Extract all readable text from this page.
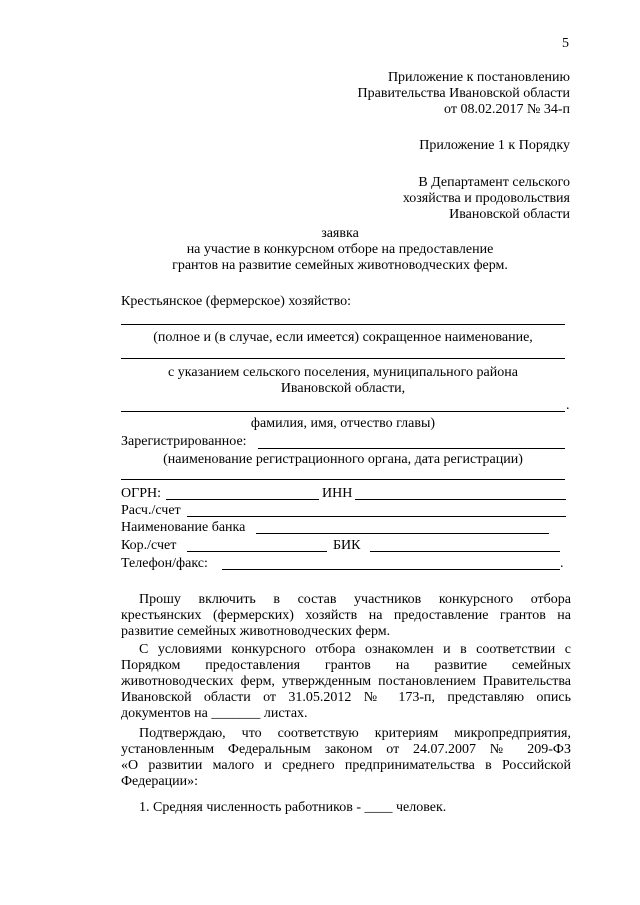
5
Приложение к постановлению
Правительства Ивановской области
от 08.02.2017 № 34-п
Приложение 1 к Порядку
В Департамент сельского
хозяйства и продовольствия
Ивановской области
заявка
на участие в конкурсном отборе на предоставление
грантов на развитие семейных животноводческих ферм.
Крестьянское (фермерское) хозяйство:
(полное и (в случае, если имеется) сокращенное наименование,
с указанием сельского поселения, муниципального района
Ивановской области,
.
фамилия, имя, отчество главы)
Зарегистрированное:
(наименование регистрационного органа, дата регистрации)
ОГРН:	ИНН
Расч./счет
Наименование банка
Кор./счет	БИК
Телефон/факс:	.
Прошу включить в состав участников конкурсного отбора
крестьянских (фермерских) хозяйств на предоставление грантов на
развитие семейных животноводческих ферм.
С условиями конкурсного отбора ознакомлен и в соответствии с
Порядком предоставления грантов на развитие семейных
животноводческих ферм, утвержденным постановлением Правительства
Ивановской области от 31.05.2012 № 173-п, представляю опись
документов на _______ листах.
Подтверждаю, что соответствую критериям микропредприятия,
установленным Федеральным законом от 24.07.2007 № 209-ФЗ
«О развитии малого и среднего предпринимательства в Российской
Федерации»:
1. Средняя численность работников - ____ человек.
